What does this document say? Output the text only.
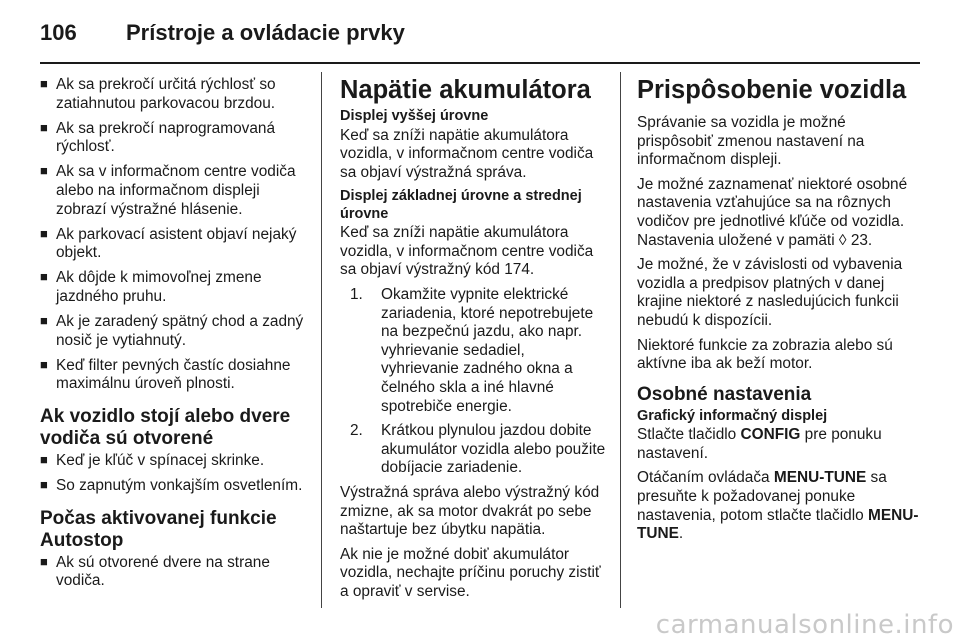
106 Prístroje a ovládacie prvky
■ Ak sa prekročí určitá rýchlosť so zatiahnutou parkovacou brzdou.
■ Ak sa prekročí naprogramovaná rýchlosť.
■ Ak sa v informačnom centre vodiča alebo na informačnom displeji zobrazí výstražné hlásenie.
■ Ak parkovací asistent objaví nejaký objekt.
■ Ak dôjde k mimovoľnej zmene jazdného pruhu.
■ Ak je zaradený spätný chod a zadný nosič je vytiahnutý.
■ Keď filter pevných častíc dosiahne maximálnu úroveň plnosti.
Ak vozidlo stojí alebo dvere vodiča sú otvorené
■ Keď je kľúč v spínacej skrinke.
■ So zapnutým vonkajším osvetlením.
Počas aktivovanej funkcie Autostop
■ Ak sú otvorené dvere na strane vodiča.
Napätie akumulátora
Displej vyššej úrovne
Keď sa zníži napätie akumulátora vozidla, v informačnom centre vodiča sa objaví výstražná správa.
Displej základnej úrovne a strednej úrovne
Keď sa zníži napätie akumulátora vozidla, v informačnom centre vodiča sa objaví výstražný kód 174.
1. Okamžite vypnite elektrické zariadenia, ktoré nepotrebujete na bezpečnú jazdu, ako napr. vyhrievanie sedadiel, vyhrievanie zadného okna a čelného skla a iné hlavné spotrebiče energie.
2. Krátkou plynulou jazdou dobite akumulátor vozidla alebo použite dobíjacie zariadenie.
Výstražná správa alebo výstražný kód zmizne, ak sa motor dvakrát po sebe naštartuje bez úbytku napätia.
Ak nie je možné dobiť akumulátor vozidla, nechajte príčinu poruchy zistiť a opraviť v servise.
Prispôsobenie vozidla
Správanie sa vozidla je možné prispôsobiť zmenou nastavení na informačnom displeji.
Je možné zaznamenať niektoré osobné nastavenia vzťahujúce sa na rôznych vodičov pre jednotlivé kľúče od vozidla. Nastavenia uložené v pamäti ◊ 23.
Je možné, že v závislosti od vybavenia vozidla a predpisov platných v danej krajine niektoré z nasledujúcich funkcii nebudú k dispozícii.
Niektoré funkcie za zobrazia alebo sú aktívne iba ak beží motor.
Osobné nastavenia
Grafický informačný displej
Stlačte tlačidlo CONFIG pre ponuku nastavení.
Otáčaním ovládača MENU-TUNE sa presuňte k požadovanej ponuke nastavenia, potom stlačte tlačidlo MENU-TUNE.
carmanualsonline.info
